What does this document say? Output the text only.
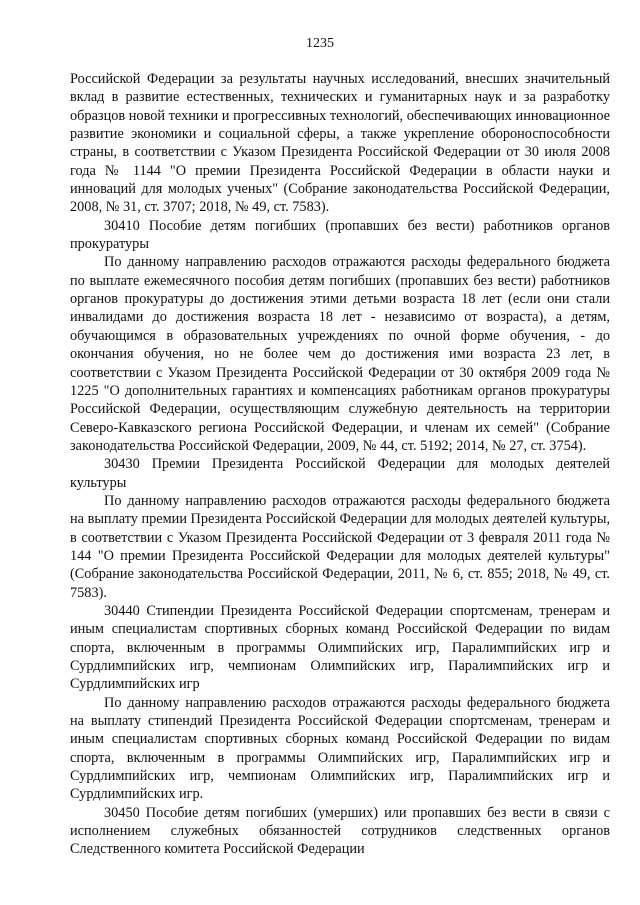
1235

Российской Федерации за результаты научных исследований, внесших значительный вклад в развитие естественных, технических и гуманитарных наук и за разработку образцов новой техники и прогрессивных технологий, обеспечивающих инновационное развитие экономики и социальной сферы, а также укрепление обороноспособности страны, в соответствии с Указом Президента Российской Федерации от 30 июля 2008 года № 1144 "О премии Президента Российской Федерации в области науки и инноваций для молодых ученых" (Собрание законодательства Российской Федерации, 2008, № 31, ст. 3707; 2018, № 49, ст. 7583).

30410 Пособие детям погибших (пропавших без вести) работников органов прокуратуры

По данному направлению расходов отражаются расходы федерального бюджета по выплате ежемесячного пособия детям погибших (пропавших без вести) работников органов прокуратуры до достижения этими детьми возраста 18 лет (если они стали инвалидами до достижения возраста 18 лет - независимо от возраста), а детям, обучающимся в образовательных учреждениях по очной форме обучения, - до окончания обучения, но не более чем до достижения ими возраста 23 лет, в соответствии с Указом Президента Российской Федерации от 30 октября 2009 года № 1225 "О дополнительных гарантиях и компенсациях работникам органов прокуратуры Российской Федерации, осуществляющим служебную деятельность на территории Северо-Кавказского региона Российской Федерации, и членам их семей" (Собрание законодательства Российской Федерации, 2009, № 44, ст. 5192; 2014, № 27, ст. 3754).

30430 Премии Президента Российской Федерации для молодых деятелей культуры

По данному направлению расходов отражаются расходы федерального бюджета на выплату премии Президента Российской Федерации для молодых деятелей культуры, в соответствии с Указом Президента Российской Федерации от 3 февраля 2011 года № 144 "О премии Президента Российской Федерации для молодых деятелей культуры" (Собрание законодательства Российской Федерации, 2011, № 6, ст. 855; 2018, № 49, ст. 7583).

30440 Стипендии Президента Российской Федерации спортсменам, тренерам и иным специалистам спортивных сборных команд Российской Федерации по видам спорта, включенным в программы Олимпийских игр, Паралимпийских игр и Сурдлимпийских игр, чемпионам Олимпийских игр, Паралимпийских игр и Сурдлимпийских игр

По данному направлению расходов отражаются расходы федерального бюджета на выплату стипендий Президента Российской Федерации спортсменам, тренерам и иным специалистам спортивных сборных команд Российской Федерации по видам спорта, включенным в программы Олимпийских игр, Паралимпийских игр и Сурдлимпийских игр, чемпионам Олимпийских игр, Паралимпийских игр и Сурдлимпийских игр.

30450 Пособие детям погибших (умерших) или пропавших без вести в связи с исполнением служебных обязанностей сотрудников следственных органов Следственного комитета Российской Федерации
